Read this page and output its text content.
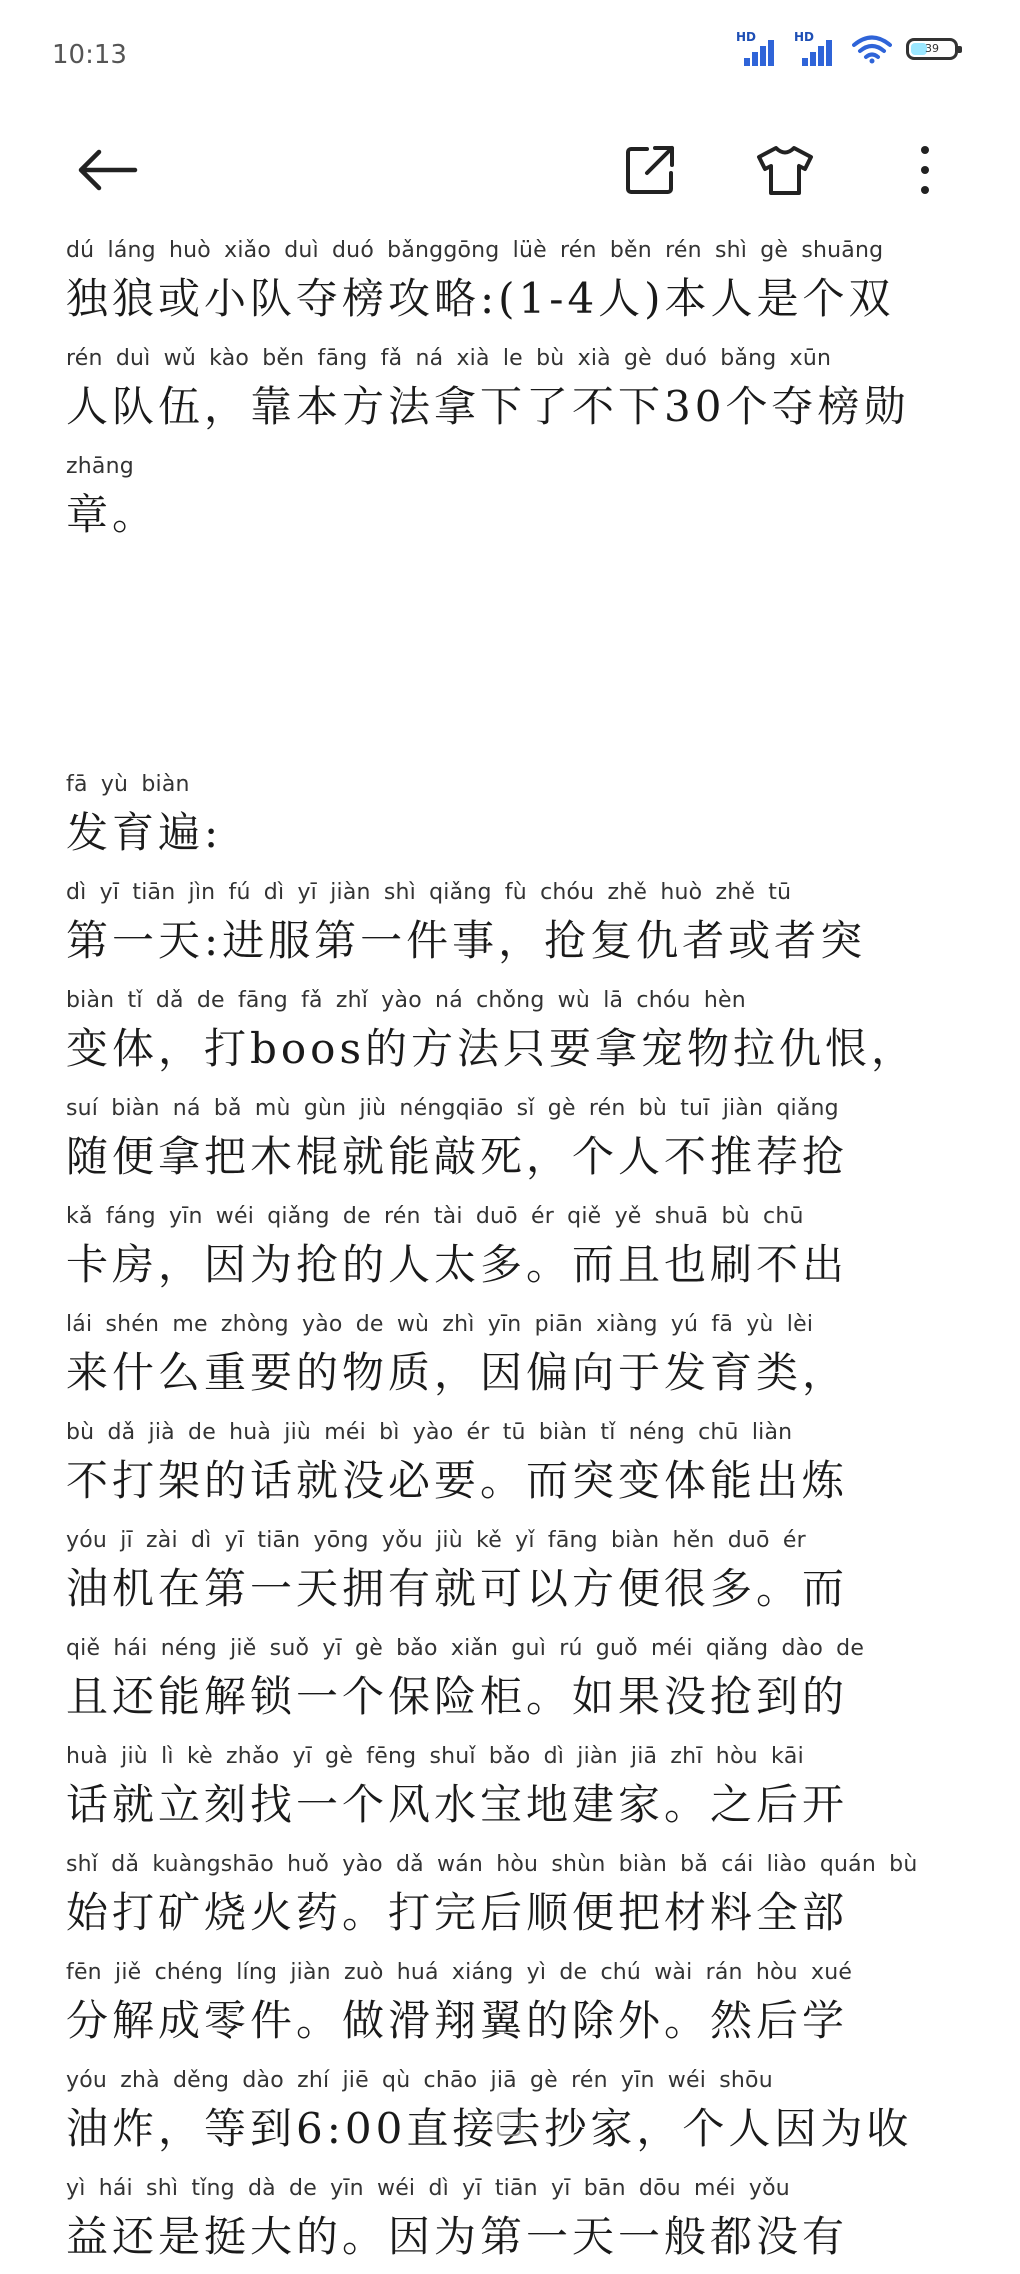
10:13
HD	HD
39
dú láng huò xiǎo duì duó bǎnggōng lüè rén běn rén shì gè shuāng
独狼或小队夺榜攻略:(1-4人)本人是个双
rén duì wǔ kào běn fāng fǎ ná xià le bù xià gè duó bǎng xūn
人队伍，靠本方法拿下了不下30个夺榜勋
zhāng
章。
fā yù biàn
发育遍:
dì yī tiān jìn fú dì yī jiàn shì qiǎng fù chóu zhě huò zhě tū
第一天:进服第一件事，抢复仇者或者突
biàn tǐ dǎ de fāng fǎ zhǐ yào ná chǒng wù lā chóu hèn
变体，打boos的方法只要拿宠物拉仇恨，
suí biàn ná bǎ mù gùn jiù néngqiāo sǐ gè rén bù tuī jiàn qiǎng
随便拿把木棍就能敲死，个人不推荐抢
kǎ fáng yīn wéi qiǎng de rén tài duō ér qiě yě shuā bù chū
卡房，因为抢的人太多。而且也刷不出
lái shén me zhòng yào de wù zhì yīn piān xiàng yú fā yù lèi
来什么重要的物质，因偏向于发育类，
bù dǎ jià de huà jiù méi bì yào ér tū biàn tǐ néng chū liàn
不打架的话就没必要。而突变体能出炼
yóu jī zài dì yī tiān yōng yǒu jiù kě yǐ fāng biàn hěn duō ér
油机在第一天拥有就可以方便很多。而
qiě hái néng jiě suǒ yī gè bǎo xiǎn guì rú guǒ méi qiǎng dào de
且还能解锁一个保险柜。如果没抢到的
huà jiù lì kè zhǎo yī gè fēng shuǐ bǎo dì jiàn jiā zhī hòu kāi
话就立刻找一个风水宝地建家。之后开
shǐ dǎ kuàngshāo huǒ yào dǎ wán hòu shùn biàn bǎ cái liào quán bù
始打矿烧火药。打完后顺便把材料全部
fēn jiě chéng líng jiàn zuò huá xiáng yì de chú wài rán hòu xué
分解成零件。做滑翔翼的除外。然后学
yóu zhà děng dào zhí jiē qù chāo jiā gè rén yīn wéi shōu
油炸，等到6:00直接去抄家，个人因为收
yì hái shì tǐng dà de yīn wéi dì yī tiān yī bān dōu méi yǒu
益还是挺大的。因为第一天一般都没有
